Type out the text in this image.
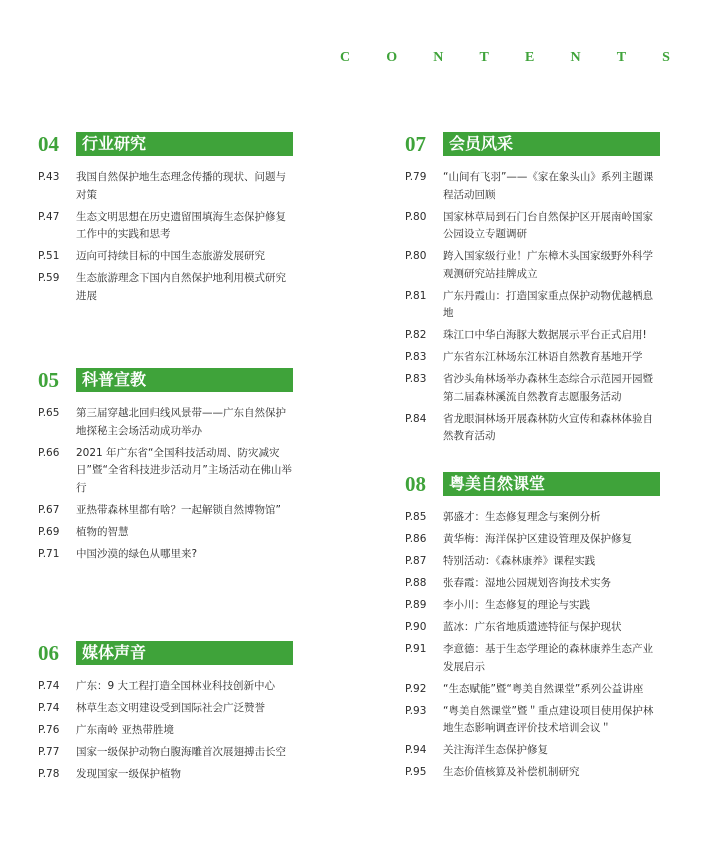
C	O	N	T	E	N	T	S
04	行业研究
P.43	我国自然保护地生态理念传播的现状、问题与对策
P.47	生态文明思想在历史遗留围填海生态保护修复工作中的实践和思考
P.51	迈向可持续目标的中国生态旅游发展研究
P.59	生态旅游理念下国内自然保护地利用模式研究进展
05	科普宣教
P.65	第三届穿越北回归线风景带——广东自然保护地探秘主会场活动成功举办
P.66	2021 年广东省“全国科技活动周、防灾减灾日”暨“全省科技进步活动月”主场活动在佛山举行
P.67	亚热带森林里都有啥？一起解锁自然博物馆”
P.69	植物的智慧
P.71	中国沙漠的绿色从哪里来?
06	媒体声音
P.74	广东：9 大工程打造全国林业科技创新中心
P.74	林草生态文明建设受到国际社会广泛赞誉
P.76	广东南岭 亚热带胜境
P.77	国家一级保护动物白腹海雕首次展翅搏击长空
P.78	发现国家一级保护植物
07	会员风采
P.79	“山间有飞羽”——《家在象头山》系列主题课程活动回顾
P.80	国家林草局到石门台自然保护区开展南岭国家公园设立专题调研
P.80	跨入国家级行业！广东樟木头国家级野外科学观测研究站挂牌成立
P.81	广东丹霞山：打造国家重点保护动物优越栖息地
P.82	珠江口中华白海豚大数据展示平台正式启用!
P.83	广东省东江林场东江林语自然教育基地开学
P.83	省沙头角林场举办森林生态综合示范园开园暨第二届森林溪流自然教育志愿服务活动
P.84	省龙眼洞林场开展森林防火宣传和森林体验自然教育活动
08	粤美自然课堂
P.85	郭盛才：生态修复理念与案例分析
P.86	黄华梅：海洋保护区建设管理及保护修复
P.87	特别活动：《森林康养》课程实践
P.88	张春霞：湿地公园规划咨询技术实务
P.89	李小川：生态修复的理论与实践
P.90	蓝冰：广东省地质遗迹特征与保护现状
P.91	李意德：基于生态学理论的森林康养生态产业发展启示
P.92	“生态赋能”暨“粤美自然课堂”系列公益讲座
P.93	“粤美自然课堂”暨＂重点建设项目使用保护林地生态影响调查评价技术培训会议＂
P.94	关注海洋生态保护修复
P.95	生态价值核算及补偿机制研究
